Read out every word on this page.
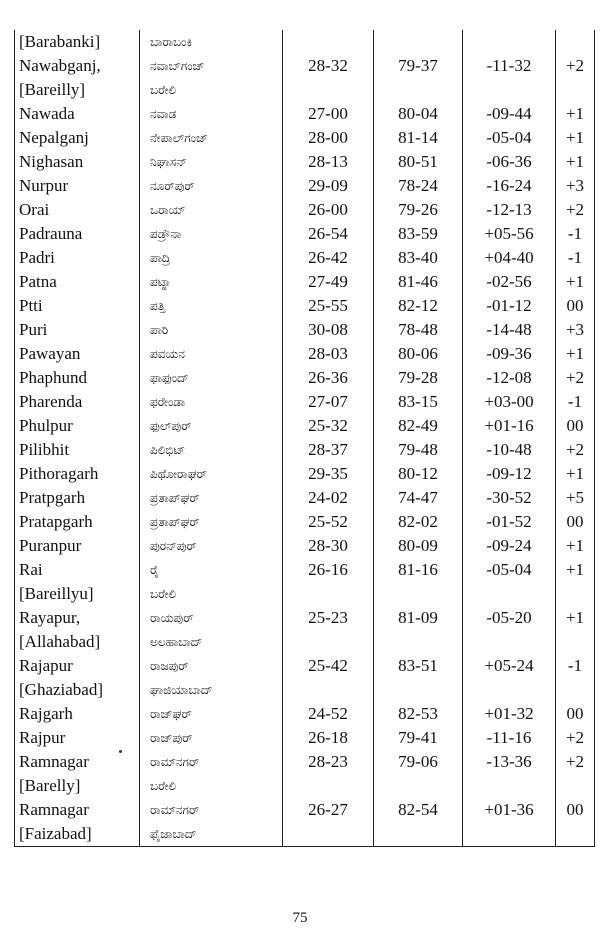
[Barabanki]	ಬಾರಾಬಂಕಿ				
Nawabganj,	ನವಾಬ್‌ಗಂಜ್	28-32	79-37	-11-32	+2
[Bareilly]	ಬರೇಲಿ				
Nawada	ನವಾಡ	27-00	80-04	-09-44	+1
Nepalganj	ನೇಪಾಲ್‌ಗಂಜ್	28-00	81-14	-05-04	+1
Nighasan	ನಿಘಾಸನ್	28-13	80-51	-06-36	+1
Nurpur	ನೂರ್‌ಪುರ್	29-09	78-24	-16-24	+3
Orai	ಒರಾಯ್	26-00	79-26	-12-13	+2
Padrauna	ಪಡ್ರೌನಾ	26-54	83-59	+05-56	-1
Padri	ಪಾದ್ರಿ	26-42	83-40	+04-40	-1
Patna	ಪಟ್ನಾ	27-49	81-46	-02-56	+1
Ptti	ಪತ್ತಿ	25-55	82-12	-01-12	00
Puri	ಪಾರಿ	30-08	78-48	-14-48	+3
Pawayan	ಪವಯನ	28-03	80-06	-09-36	+1
Phaphund	ಫಾಫುಂದ್	26-36	79-28	-12-08	+2
Pharenda	ಫರೇಂಡಾ	27-07	83-15	+03-00	-1
Phulpur	ಫುಲ್‌ಪುರ್	25-32	82-49	+01-16	00
Pilibhit	ಪಿಲಿಭಿಟ್	28-37	79-48	-10-48	+2
Pithoragarh	ಪಿಥೋರಾಘರ್	29-35	80-12	-09-12	+1
Pratpgarh	ಪ್ರತಾಪ್‌ಘರ್	24-02	74-47	-30-52	+5
Pratapgarh	ಪ್ರತಾಪ್‌ಘರ್	25-52	82-02	-01-52	00
Puranpur	ಪುರನ್‌ಪುರ್	28-30	80-09	-09-24	+1
Rai	ರೈ	26-16	81-16	-05-04	+1
[Bareillyu]	ಬರೇಲಿ				
Rayapur,	ರಾಯಪುರ್	25-23	81-09	-05-20	+1
[Allahabad]	ಅಲಹಾಬಾದ್				
Rajapur	ರಾಜಪುರ್	25-42	83-51	+05-24	-1
[Ghaziabad]	ಘಾಜಿಯಾಬಾದ್				
Rajgarh	ರಾಜ್‌ಘರ್	24-52	82-53	+01-32	00
Rajpur	ರಾಜ್‌ಪುರ್	26-18	79-41	-11-16	+2
Ramnagar	ರಾಮ್‌ನಗರ್	28-23	79-06	-13-36	+2
[Barelly]	ಬರೇಲಿ				
Ramnagar	ರಾಮ್‌ನಗರ್	26-27	82-54	+01-36	00
[Faizabad]	ಫೈಜಾಬಾದ್				
75
